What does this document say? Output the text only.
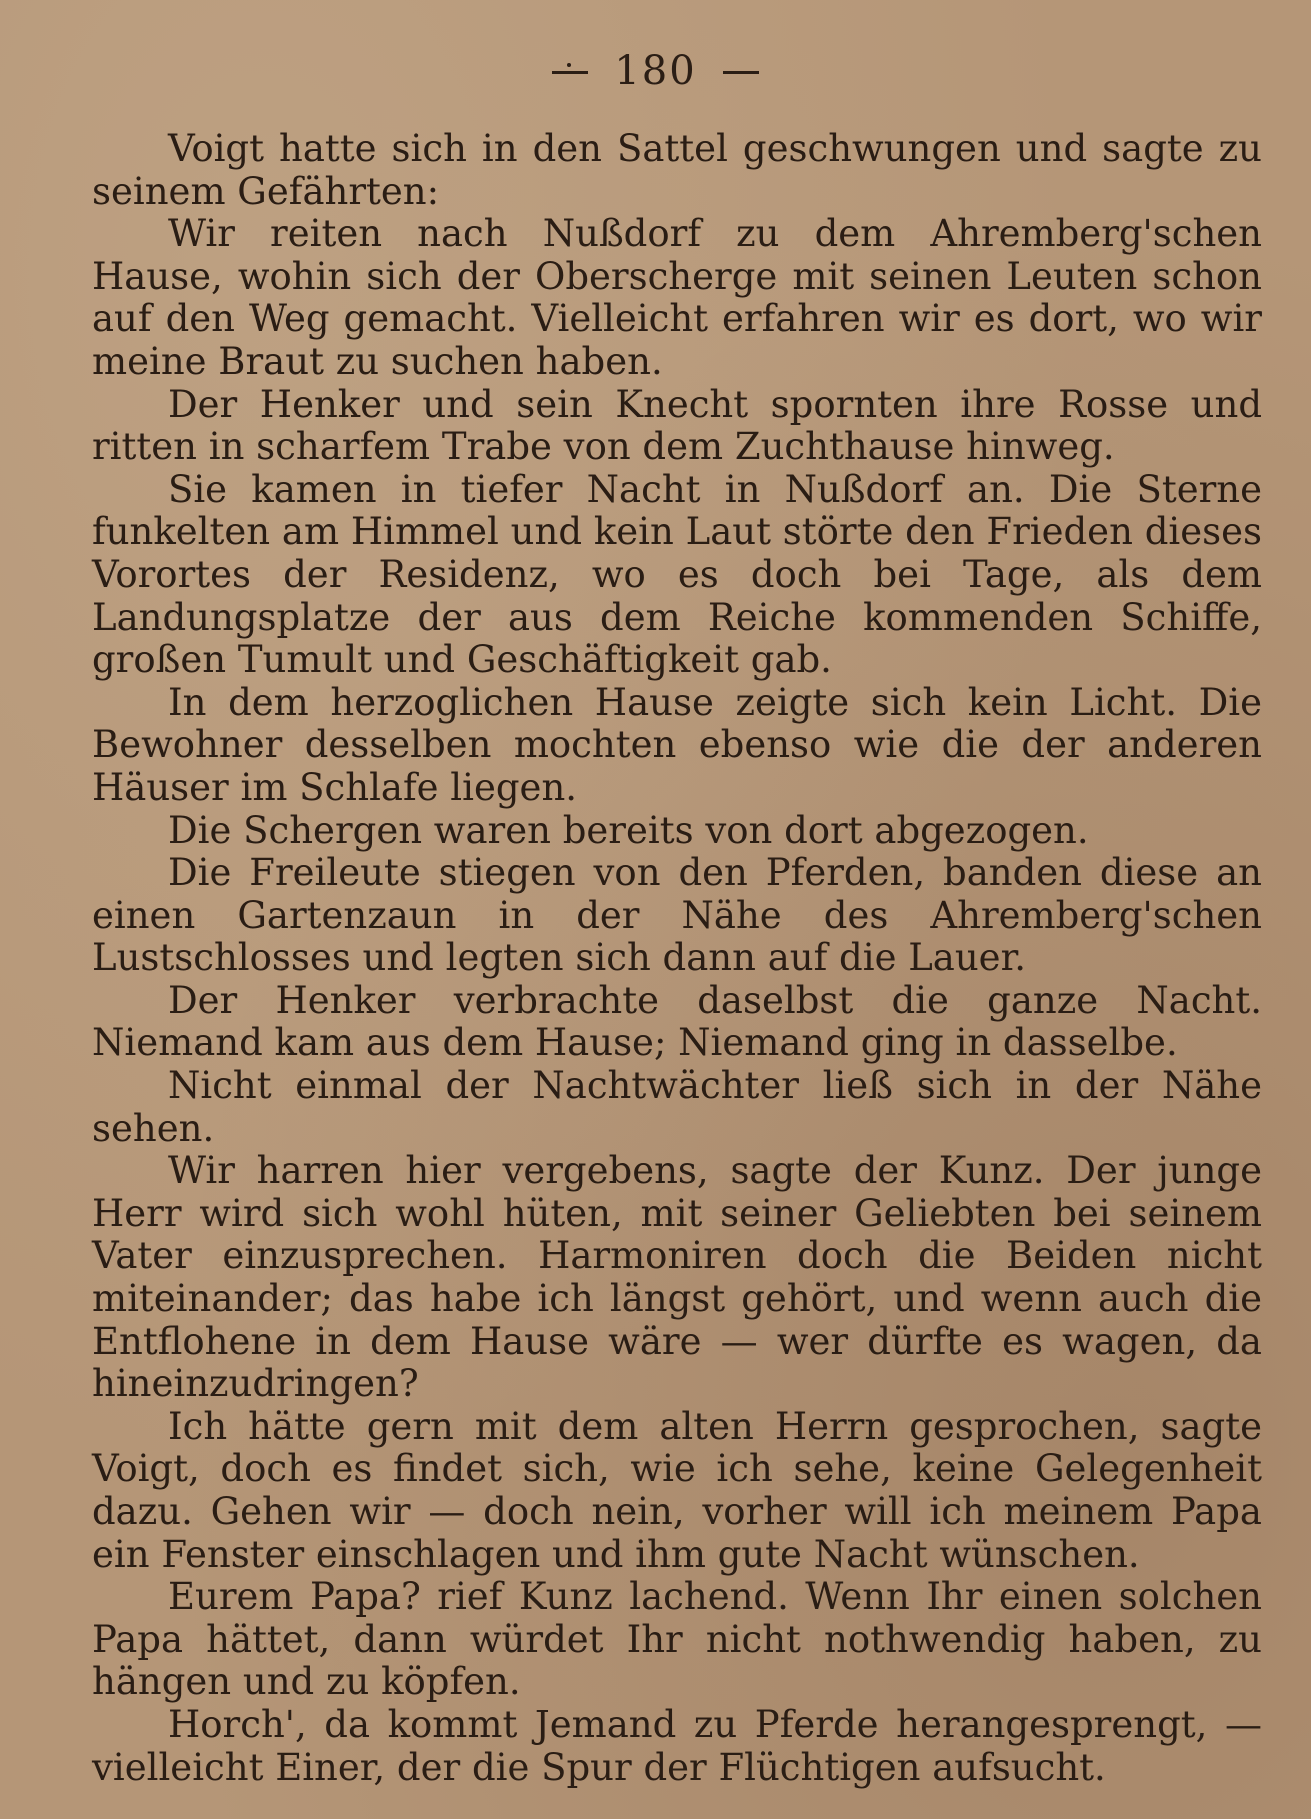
180

Voigt hatte sich in den Sattel geschwungen und sagte zu seinem Gefährten:

Wir reiten nach Nußdorf zu dem Ahremberg'schen Hause, wohin sich der Oberscherge mit seinen Leuten schon auf den Weg gemacht. Vielleicht erfahren wir es dort, wo wir meine Braut zu suchen haben.

Der Henker und sein Knecht spornten ihre Rosse und ritten in scharfem Trabe von dem Zuchthause hinweg.

Sie kamen in tiefer Nacht in Nußdorf an. Die Sterne funkelten am Himmel und kein Laut störte den Frieden dieses Vorortes der Residenz, wo es doch bei Tage, als dem Landungsplatze der aus dem Reiche kommenden Schiffe, großen Tumult und Geschäftigkeit gab.

In dem herzoglichen Hause zeigte sich kein Licht. Die Bewohner desselben mochten ebenso wie die der anderen Häuser im Schlafe liegen.

Die Schergen waren bereits von dort abgezogen.

Die Freileute stiegen von den Pferden, banden diese an einen Gartenzaun in der Nähe des Ahremberg'schen Lustschlosses und legten sich dann auf die Lauer.

Der Henker verbrachte daselbst die ganze Nacht. Niemand kam aus dem Hause; Niemand ging in dasselbe.

Nicht einmal der Nachtwächter ließ sich in der Nähe sehen.

Wir harren hier vergebens, sagte der Kunz. Der junge Herr wird sich wohl hüten, mit seiner Geliebten bei seinem Vater einzusprechen. Harmoniren doch die Beiden nicht miteinander; das habe ich längst gehört, und wenn auch die Entflohene in dem Hause wäre — wer dürfte es wagen, da hineinzudringen?

Ich hätte gern mit dem alten Herrn gesprochen, sagte Voigt, doch es findet sich, wie ich sehe, keine Gelegenheit dazu. Gehen wir — doch nein, vorher will ich meinem Papa ein Fenster einschlagen und ihm gute Nacht wünschen.

Eurem Papa? rief Kunz lachend. Wenn Ihr einen solchen Papa hättet, dann würdet Ihr nicht nothwendig haben, zu hängen und zu köpfen.

Horch', da kommt Jemand zu Pferde herangesprengt, — vielleicht Einer, der die Spur der Flüchtigen aufsucht.
